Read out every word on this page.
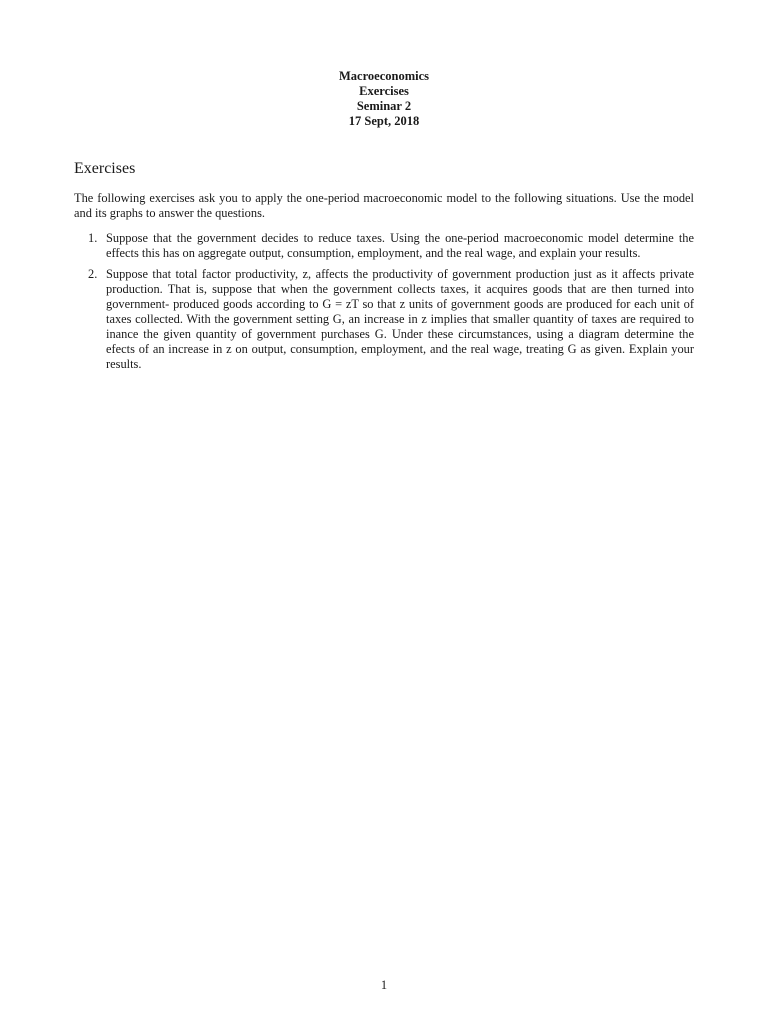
Macroeconomics
Exercises
Seminar 2
17 Sept, 2018
Exercises

The following exercises ask you to apply the one-period macroeconomic model to the following situations. Use the model and its graphs to answer the questions.

1. Suppose that the government decides to reduce taxes. Using the one-period macroeconomic model determine the effects this has on aggregate output, consumption, employment, and the real wage, and explain your results.
2. Suppose that total factor productivity, z, affects the productivity of government production just as it affects private production. That is, suppose that when the government collects taxes, it acquires goods that are then turned into government- produced goods according to G = zT so that z units of government goods are produced for each unit of taxes collected. With the government setting G, an increase in z implies that smaller quantity of taxes are required to inance the given quantity of government purchases G. Under these circumstances, using a diagram determine the efects of an increase in z on output, consumption, employment, and the real wage, treating G as given. Explain your results.
1
